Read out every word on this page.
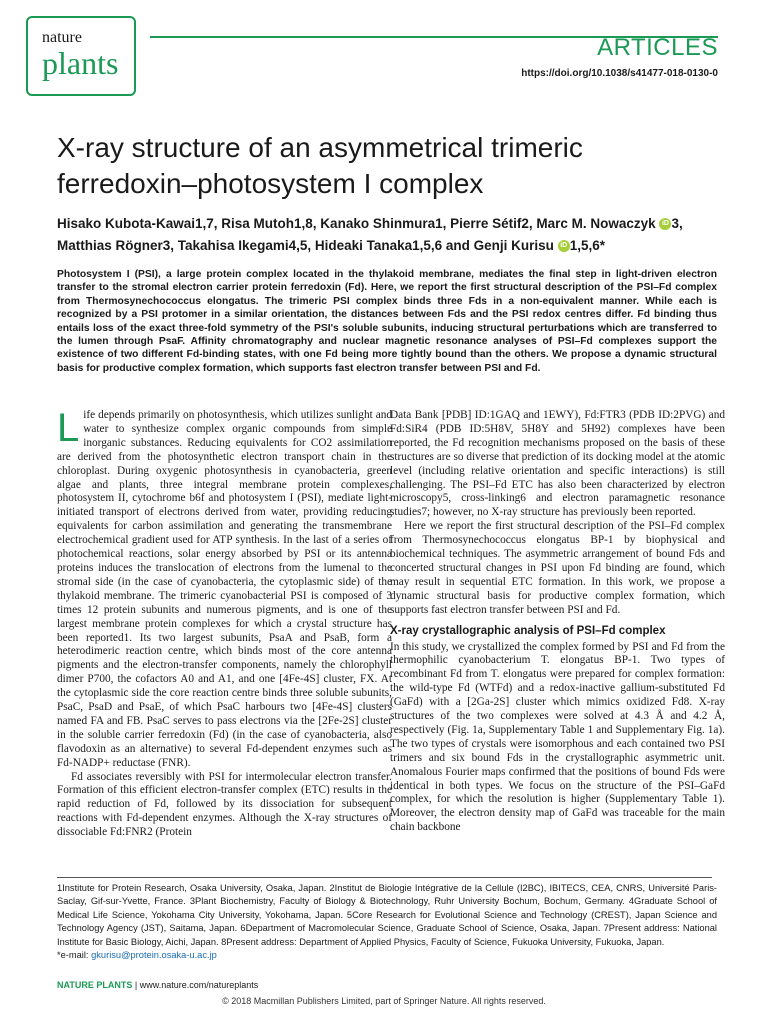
nature
plants	ARTICLES
https://doi.org/10.1038/s41477-018-0130-0
X-ray structure of an asymmetrical trimeric ferredoxin–photosystem I complex
Hisako Kubota-Kawai1,7, Risa Mutoh1,8, Kanako Shinmura1, Pierre Sétif2, Marc M. Nowaczyk iD 3,
Matthias Rögner3, Takahisa Ikegami4,5, Hideaki Tanaka1,5,6 and Genji Kurisu iD 1,5,6*

Photosystem I (PSI), a large protein complex located in the thylakoid membrane, mediates the final step in light-driven electron transfer to the stromal electron carrier protein ferredoxin (Fd). Here, we report the first structural description of the PSI–Fd complex from Thermosynechococcus elongatus. The trimeric PSI complex binds three Fds in a non-equivalent manner. While each is recognized by a PSI protomer in a similar orientation, the distances between Fds and the PSI redox centres differ. Fd binding thus entails loss of the exact three-fold symmetry of the PSI's soluble subunits, inducing structural perturbations which are transferred to the lumen through PsaF. Affinity chromatography and nuclear magnetic resonance analyses of PSI–Fd complexes support the existence of two different Fd-binding states, with one Fd being more tightly bound than the others. We propose a dynamic structural basis for productive complex formation, which supports fast electron transfer between PSI and Fd.

Life depends primarily on photosynthesis, which utilizes sunlight and water to synthesize complex organic compounds from simple inorganic substances. Reducing equivalents for CO2 assimilation are derived from the photosynthetic electron transport chain in the chloroplast. During oxygenic photosynthesis in cyanobacteria, green algae and plants, three integral membrane protein complexes, photosystem II, cytochrome b6f and photosystem I (PSI), mediate light-initiated transport of electrons derived from water, providing reducing equivalents for carbon assimilation and generating the transmembrane electrochemical gradient used for ATP synthesis. In the last of a series of photochemical reactions, solar energy absorbed by PSI or its antenna proteins induces the translocation of electrons from the lumenal to the stromal side (in the case of cyanobacteria, the cytoplasmic side) of the thylakoid membrane. The trimeric cyanobacterial PSI is composed of 3 times 12 protein subunits and numerous pigments, and is one of the largest membrane protein complexes for which a crystal structure has been reported1. Its two largest subunits, PsaA and PsaB, form a heterodimeric reaction centre, which binds most of the core antenna pigments and the electron-transfer components, namely the chlorophyll dimer P700, the cofactors A0 and A1, and one [4Fe-4S] cluster, FX. At the cytoplasmic side the core reaction centre binds three soluble subunits, PsaC, PsaD and PsaE, of which PsaC harbours two [4Fe-4S] clusters named FA and FB. PsaC serves to pass electrons via the [2Fe-2S] cluster in the soluble carrier ferredoxin (Fd) (in the case of cyanobacteria, also flavodoxin as an alternative) to several Fd-dependent enzymes such as Fd-NADP+ reductase (FNR).

Fd associates reversibly with PSI for intermolecular electron transfer. Formation of this efficient electron-transfer complex (ETC) results in the rapid reduction of Fd, followed by its dissociation for subsequent reactions with Fd-dependent enzymes. Although the X-ray structures of dissociable Fd:FNR2 (Protein

Data Bank [PDB] ID:1GAQ and 1EWY), Fd:FTR3 (PDB ID:2PVG) and Fd:SiR4 (PDB ID:5H8V, 5H8Y and 5H92) complexes have been reported, the Fd recognition mechanisms proposed on the basis of these structures are so diverse that prediction of its docking model at the atomic level (including relative orientation and specific interactions) is still challenging. The PSI–Fd ETC has also been characterized by electron microscopy5, cross-linking6 and electron paramagnetic resonance studies7; however, no X-ray structure has previously been reported.

Here we report the first structural description of the PSI–Fd complex from Thermosynechococcus elongatus BP-1 by biophysical and biochemical techniques. The asymmetric arrangement of bound Fds and concerted structural changes in PSI upon Fd binding are found, which may result in sequential ETC formation. In this work, we propose a dynamic structural basis for productive complex formation, which supports fast electron transfer between PSI and Fd.

X-ray crystallographic analysis of PSI–Fd complex

In this study, we crystallized the complex formed by PSI and Fd from the thermophilic cyanobacterium T. elongatus BP-1. Two types of recombinant Fd from T. elongatus were prepared for complex formation: the wild-type Fd (WTFd) and a redox-inactive gallium-substituted Fd (GaFd) with a [2Ga-2S] cluster which mimics oxidized Fd8. X-ray structures of the two complexes were solved at 4.3 Å and 4.2 Å, respectively (Fig. 1a, Supplementary Table 1 and Supplementary Fig. 1a). The two types of crystals were isomorphous and each contained two PSI trimers and six bound Fds in the crystallographic asymmetric unit. Anomalous Fourier maps confirmed that the positions of bound Fds were identical in both types. We focus on the structure of the PSI–GaFd complex, for which the resolution is higher (Supplementary Table 1). Moreover, the electron density map of GaFd was traceable for the main chain backbone

1Institute for Protein Research, Osaka University, Osaka, Japan. 2Institut de Biologie Intégrative de la Cellule (I2BC), IBITECS, CEA, CNRS, Université Paris-Saclay, Gif-sur-Yvette, France. 3Plant Biochemistry, Faculty of Biology & Biotechnology, Ruhr University Bochum, Bochum, Germany. 4Graduate School of Medical Life Science, Yokohama City University, Yokohama, Japan. 5Core Research for Evolutional Science and Technology (CREST), Japan Science and Technology Agency (JST), Saitama, Japan. 6Department of Macromolecular Science, Graduate School of Science, Osaka, Japan. 7Present address: National Institute for Basic Biology, Aichi, Japan. 8Present address: Department of Applied Physics, Faculty of Science, Fukuoka University, Fukuoka, Japan.
*e-mail: gkurisu@protein.osaka-u.ac.jp
NATURE PLANTS | www.nature.com/natureplants
© 2018 Macmillan Publishers Limited, part of Springer Nature. All rights reserved.
